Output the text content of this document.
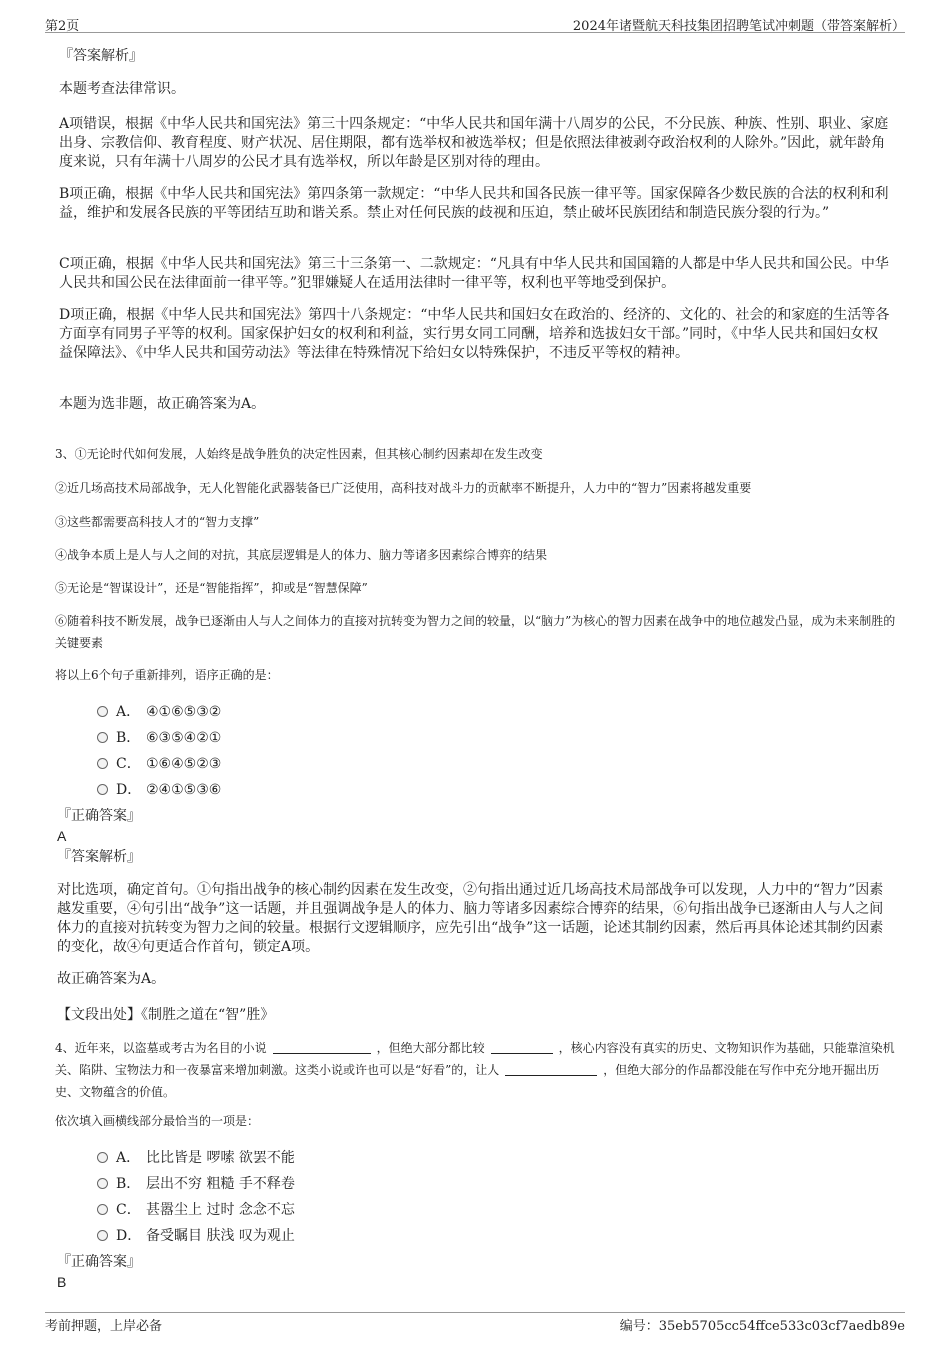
第2页	2024年诸暨航天科技集团招聘笔试冲刺题（带答案解析）
『答案解析』
本题考查法律常识。
A项错误，根据《中华人民共和国宪法》第三十四条规定：“中华人民共和国年满十八周岁的公民，不分民族、种族、性别、职业、家庭出身、宗教信仰、教育程度、财产状况、居住期限，都有选举权和被选举权；但是依照法律被剥夺政治权利的人除外。”因此，就年龄角度来说，只有年满十八周岁的公民才具有选举权，所以年龄是区别对待的理由。
B项正确，根据《中华人民共和国宪法》第四条第一款规定：“中华人民共和国各民族一律平等。国家保障各少数民族的合法的权利和利益，维护和发展各民族的平等团结互助和谐关系。禁止对任何民族的歧视和压迫，禁止破坏民族团结和制造民族分裂的行为。”
C项正确，根据《中华人民共和国宪法》第三十三条第一、二款规定：“凡具有中华人民共和国国籍的人都是中华人民共和国公民。中华人民共和国公民在法律面前一律平等。”犯罪嫌疑人在适用法律时一律平等，权利也平等地受到保护。
D项正确，根据《中华人民共和国宪法》第四十八条规定：“中华人民共和国妇女在政治的、经济的、文化的、社会的和家庭的生活等各方面享有同男子平等的权利。国家保护妇女的权利和利益，实行男女同工同酬，培养和选拔妇女干部。”同时，《中华人民共和国妇女权益保障法》、《中华人民共和国劳动法》等法律在特殊情况下给妇女以特殊保护，不违反平等权的精神。
本题为选非题，故正确答案为A。
3、①无论时代如何发展，人始终是战争胜负的决定性因素，但其核心制约因素却在发生改变
②近几场高技术局部战争，无人化智能化武器装备已广泛使用，高科技对战斗力的贡献率不断提升，人力中的“智力”因素将越发重要
③这些都需要高科技人才的“智力支撑”
④战争本质上是人与人之间的对抗，其底层逻辑是人的体力、脑力等诸多因素综合博弈的结果
⑤无论是“智谋设计”，还是“智能指挥”，抑或是“智慧保障”
⑥随着科技不断发展，战争已逐渐由人与人之间体力的直接对抗转变为智力之间的较量，以“脑力”为核心的智力因素在战争中的地位越发凸显，成为未来制胜的关键要素
将以上6个句子重新排列，语序正确的是：
A． ④①⑥⑤③②
B． ⑥③⑤④②①
C． ①⑥④⑤②③
D． ②④①⑤③⑥
『正确答案』
A
『答案解析』
对比选项，确定首句。①句指出战争的核心制约因素在发生改变，②句指出通过近几场高技术局部战争可以发现，人力中的“智力”因素越发重要，④句引出“战争”这一话题，并且强调战争是人的体力、脑力等诸多因素综合博弈的结果，⑥句指出战争已逐渐由人与人之间体力的直接对抗转变为智力之间的较量。根据行文逻辑顺序，应先引出“战争”这一话题，论述其制约因素，然后再具体论述其制约因素的变化，故④句更适合作首句，锁定A项。
故正确答案为A。
【文段出处】《制胜之道在“智”胜》
4、近年来，以盗墓或考古为名目的小说	，但绝大部分都比较	，核心内容没有真实的历史、文物知识作为基础，只能靠渲染机关、陷阱、宝物法力和一夜暴富来增加刺激。这类小说或许也可以是“好看”的，让人	，但绝大部分的作品都没能在写作中充分地开掘出历史、文物蕴含的价值。
依次填入画横线部分最恰当的一项是：
A． 比比皆是 啰嗦 欲罢不能
B． 层出不穷 粗糙 手不释卷
C． 甚嚣尘上 过时 念念不忘
D． 备受瞩目 肤浅 叹为观止
『正确答案』
B
考前押题，上岸必备	编号：35eb5705cc54ffce533c03cf7aedb89e
